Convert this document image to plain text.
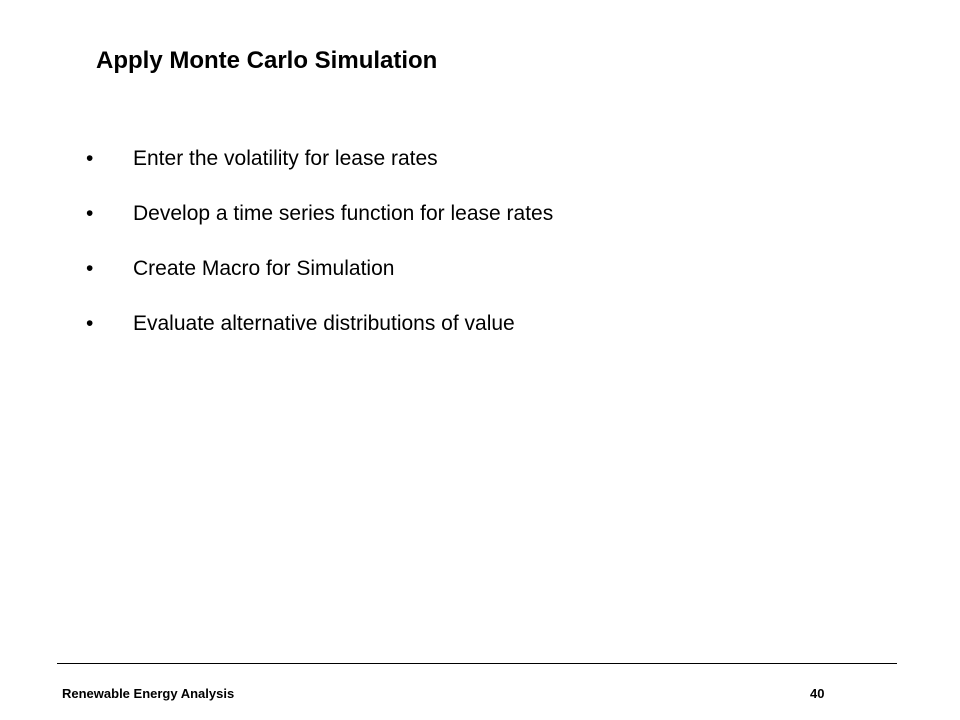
Apply Monte Carlo Simulation
•	Enter the volatility for lease rates
•	Develop a time series function for lease rates
•	Create Macro for Simulation
•	Evaluate alternative distributions of value
Renewable Energy Analysis	40
